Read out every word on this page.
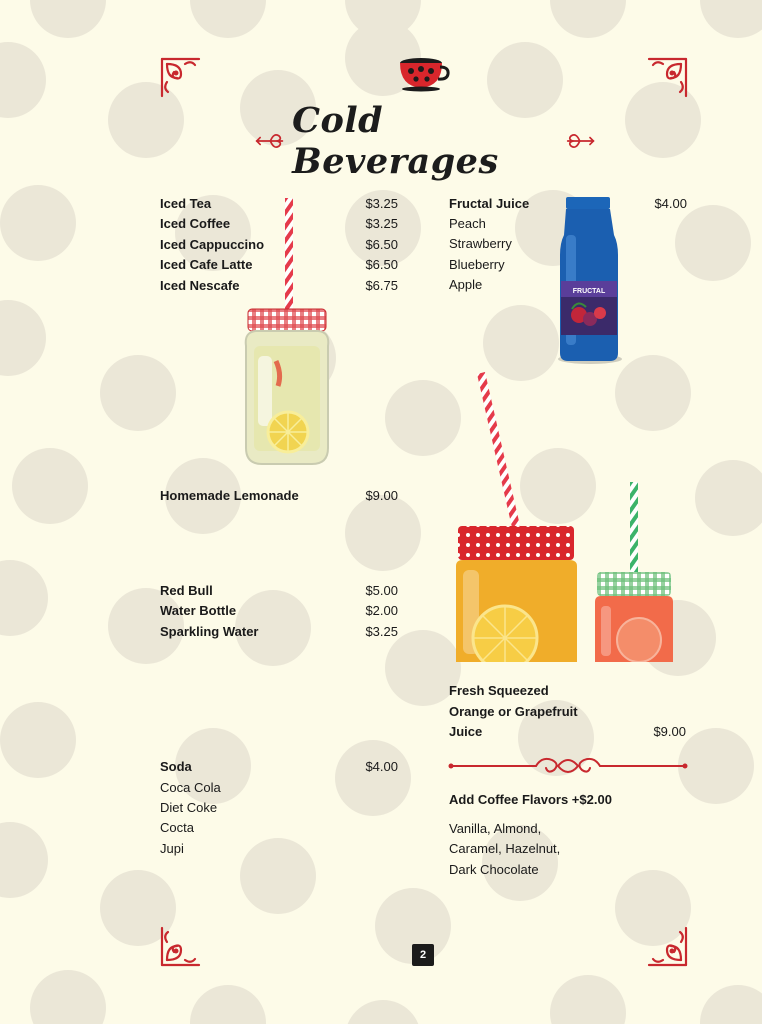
Cold Beverages
Iced Tea	$3.25
Iced Coffee	$3.25
Iced Cappuccino	$6.50
Iced Cafe Latte	$6.50
Iced Nescafe	$6.75
Homemade Lemonade	$9.00
Red Bull	$5.00
Water Bottle	$2.00
Sparkling Water	$3.25
Soda	$4.00
Coca Cola
Diet Coke
Cocta
Jupi
Fructal Juice	$4.00
Peach
Strawberry
Blueberry
Apple	FRUCTAL
Fresh Squeezed
Orange or Grapefruit
Juice	$9.00
Add Coffee Flavors +$2.00
Vanilla, Almond,
Caramel, Hazelnut,
Dark Chocolate
2
